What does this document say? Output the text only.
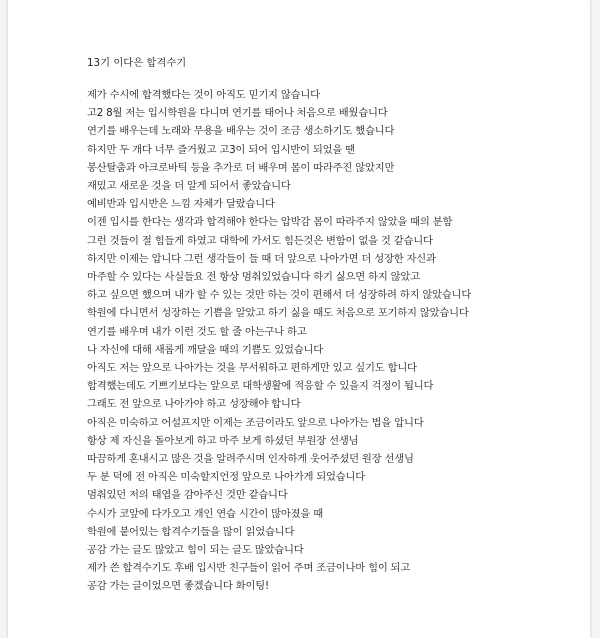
13기 이다은 합격수기
제가 수시에 합격했다는 것이 아직도 믿기지 않습니다
고2 8월 저는 입시학원을 다니며 연기를 태어나 처음으로 배웠습니다
연기를 배우는데 노래와 무용을 배우는 것이 조금 생소하기도 했습니다
하지만 두 개다 너무 즐거웠고 고3이 되어 입시반이 되었을 땐
봉산탈춤과 아크로바틱 등을 추가로 더 배우며 몸이 따라주진 않았지만
재밌고 새로운 것을 더 알게 되어서 좋았습니다
예비반과 입시반은 느낌 자체가 달랐습니다
이젠 입시를 한다는 생각과 합격해야 한다는 압박감 몸이 따라주지 않았을 때의 분함
그런 것들이 절 힘들게 하였고 대학에 가서도 힘든것은 변함이 없을 것 같습니다
하지만 이제는 압니다 그런 생각들이 들 때 더 앞으로 나아가면 더 성장한 자신과
마주할 수 있다는 사실들요 전 항상 멈춰있었습니다 하기 싫으면 하지 않았고
하고 싶으면 했으며 내가 할 수 있는 것만 하는 것이 편해서 더 성장하려 하지 않았습니다
학원에 다니면서 성장하는 기쁨을 알았고 하기 싫을 때도 처음으로 포기하지 않았습니다
연기를 배우며 내가 이런 것도 할 줄 아는구나 하고
나 자신에 대해 새롭게 깨달을 때의 기쁨도 있었습니다
아직도 저는 앞으로 나아가는 것을 무서워하고 편하게만 있고 싶기도 합니다
합격했는데도 기쁘기보다는 앞으로 대학생활에 적응할 수 있을지 걱정이 됩니다
그래도 전 앞으로 나아가야 하고 성장해야 합니다
아직은 미숙하고 어설프지만 이제는 조금이라도 앞으로 나아가는 법을 압니다
항상 제 자신을 돌아보게 하고 마주 보게 하셨던 부원장 선생님
따끔하게 혼내시고 많은 것을 알려주시며 인자하게 웃어주셨던 원장 선생님
두 분 덕에 전 아직은 미숙할지언정 앞으로 나아가게 되었습니다
멈춰있던 저의 태엽을 감아주신 것만 같습니다
수시가 코앞에 다가오고 개인 연습 시간이 많아졌을 때
학원에 붙어있는 합격수기들을 많이 읽었습니다
공감 가는 글도 많았고 힘이 되는 글도 많았습니다
제가 쓴 합격수기도 후배 입시반 친구들이 읽어 주며 조금이나마 힘이 되고
공감 가는 글이었으면 좋겠습니다 화이팅!
